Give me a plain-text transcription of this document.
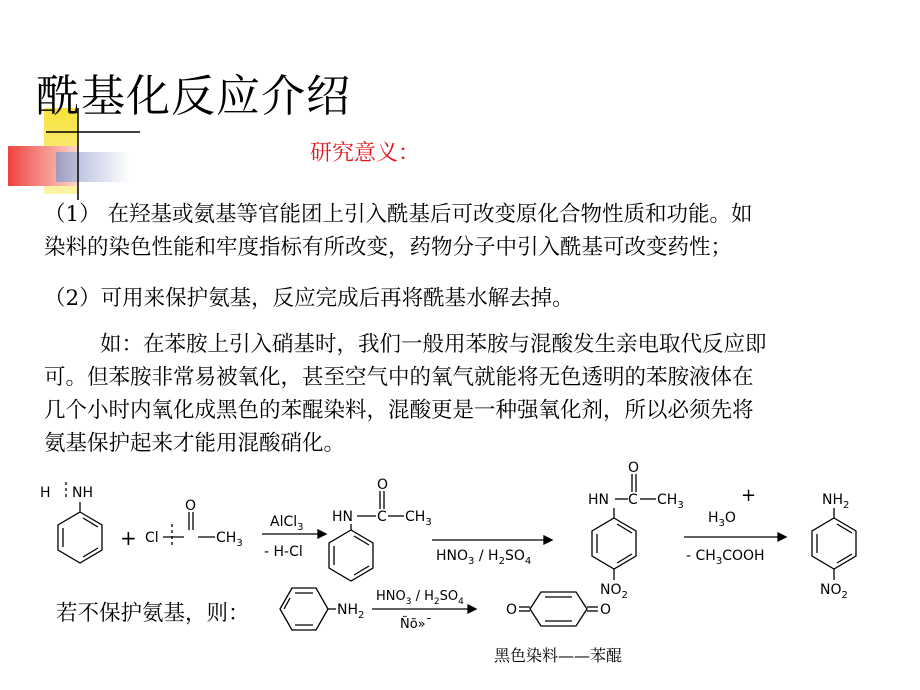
酰基化反应介绍
研究意义：
（1） 在羟基或氨基等官能团上引入酰基后可改变原化合物性质和功能。如
染料的染色性能和牢度指标有所改变，药物分子中引入酰基可改变药性；
（2）可用来保护氨基，反应完成后再将酰基水解去掉。
如：在苯胺上引入硝基时，我们一般用苯胺与混酸发生亲电取代反应即
可。但苯胺非常易被氧化，甚至空气中的氧气就能将无色透明的苯胺液体在
几个小时内氧化成黑色的苯醌染料，混酸更是一种强氧化剂，所以必须先将
氨基保护起来才能用混酸硝化。
若不保护氨基，则：
黑色染料——苯醌
H NH
+ Cl
O
$CH_3$
AlCl$_3$
- H-Cl
HN C
O
$CH_3$
$HNO_3 / H_2SO_4$
HN C
O
$CH_3$
$NO_2$
+
$H_3O$
- $CH_3COOH$
$NH_2$
$NO_2$
$NH_2$
$HNO_3 / H_2SO_4$
Ñõ»¯
O	O
